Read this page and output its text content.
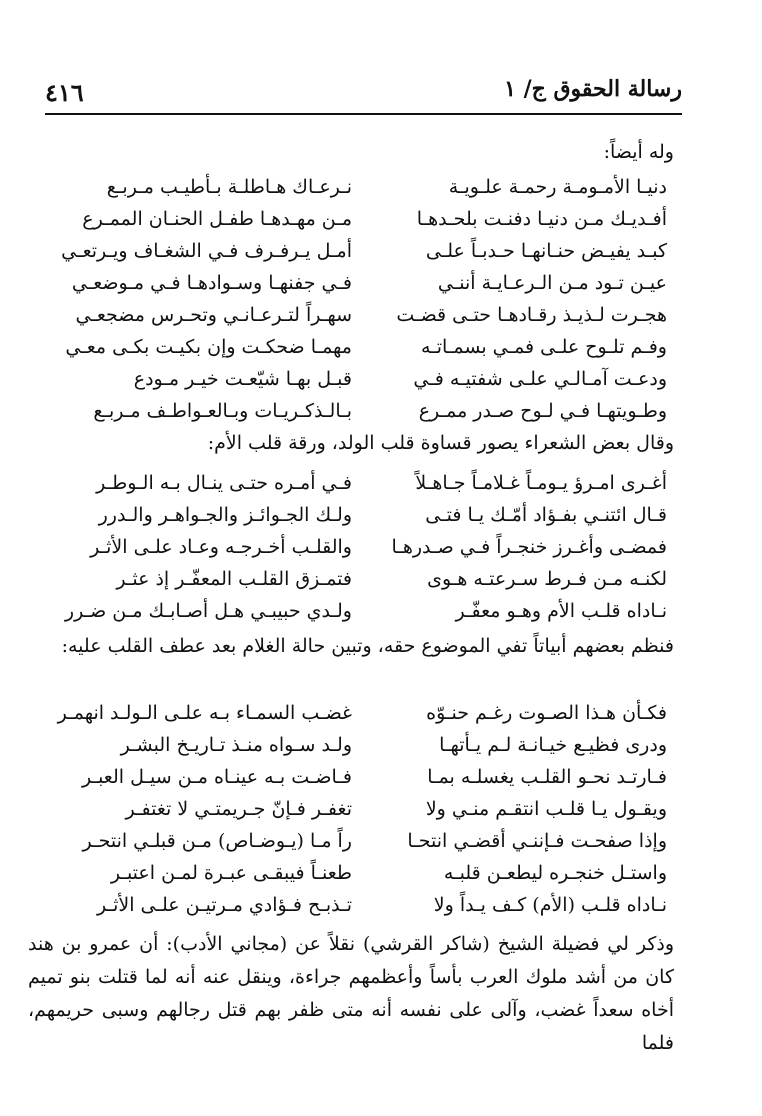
٤١٦	رسالة الحقوق ج/ ١
وله أيضاً:
دنيـا الأمـومـة رحمـة علـويـة
نـرعـاك هـاطلـة بـأطيـب مـربـع
أفـديـك مـن دنيـا دفنـت بلحـدهـا
مـن مهـدهـا طفـل الحنـان الممـرع
كبـد يفيـض حنـانهـا حـدبـاً علـى
أمـل يـرفـرف فـي الشغـاف ويـرتعـي
عيـن تـود مـن الـرعـايـة أننـي
فـي جفنهـا وسـوادهـا فـي مـوضعـي
هجـرت لـذيـذ رقـادهـا حتـى قضـت
سهـراً لتـرعـانـي وتحـرس مضجعـي
وفـم تلـوح علـى فمـي بسمـاتـه
مهمـا ضحكـت وإن بكيـت بكـى معـي
ودعـت آمـالـي علـى شفتيـه فـي
قبـل بهـا شيّعـت خيـر مـودع
وطـويتهـا فـي لـوح صـدر ممـرع
بـالـذكـريـات وبـالعـواطـف مـربـع
وقال بعض الشعراء يصور قساوة قلب الولد، ورقة قلب الأم:
أغـرى امـرؤ يـومـاً غـلامـاً جـاهـلاً
فـي أمـره حتـى ينـال بـه الـوطـر
قـال ائتنـي بفـؤاد أمّـك يـا فتـى
ولـك الجـوائـز والجـواهـر والـدرر
فمضـى وأغـرز خنجـراً فـي صـدرهـا
والقلـب أخـرجـه وعـاد علـى الأثـر
لكنـه مـن فـرط سـرعتـه هـوى
فتمـزق القلـب المعفّـر إذ عثـر
نـاداه قلـب الأم وهـو معفّـر
ولـدي حبيبـي هـل أصـابـك مـن ضـرر
فنظم بعضهم أبياتاً تفي الموضوع حقه، وتبين حالة الغلام بعد عطف القلب عليه:
فكـأن هـذا الصـوت رغـم حنـوّه
غضـب السمـاء بـه علـى الـولـد انهمـر
ودرى فظيـع خيـانـة لـم يـأتهـا
ولـد سـواه منـذ تـاريـخ البشـر
فـارتـد نحـو القلـب يغسلـه بمـا
فـاضـت بـه عينـاه مـن سيـل العبـر
ويقـول يـا قلـب انتقـم منـي ولا
تغفـر فـإنّ جـريمتـي لا تغتفـر
وإذا صفحـت فـإننـي أقضـي انتحـا
راً مـا (يـوضـاص) مـن قبلـي انتحـر
واستـل خنجـره ليطعـن قلبـه
طعنـاً فيبقـى عبـرة لمـن اعتبـر
نـاداه قلـب (الأم) كـف يـداً ولا
تـذبـح فـؤادي مـرتيـن علـى الأثـر
وذكر لي فضيلة الشيخ (شاكر القرشي) نقلاً عن (مجاني الأدب): أن عمرو بن هند كان من أشد ملوك العرب بأساً وأعظمهم جراءة، وينقل عنه أنه لما قتلت بنو تميم أخاه سعداً غضب، وآلى على نفسه أنه متى ظفر بهم قتل رجالهم وسبى حريمهم، فلما
